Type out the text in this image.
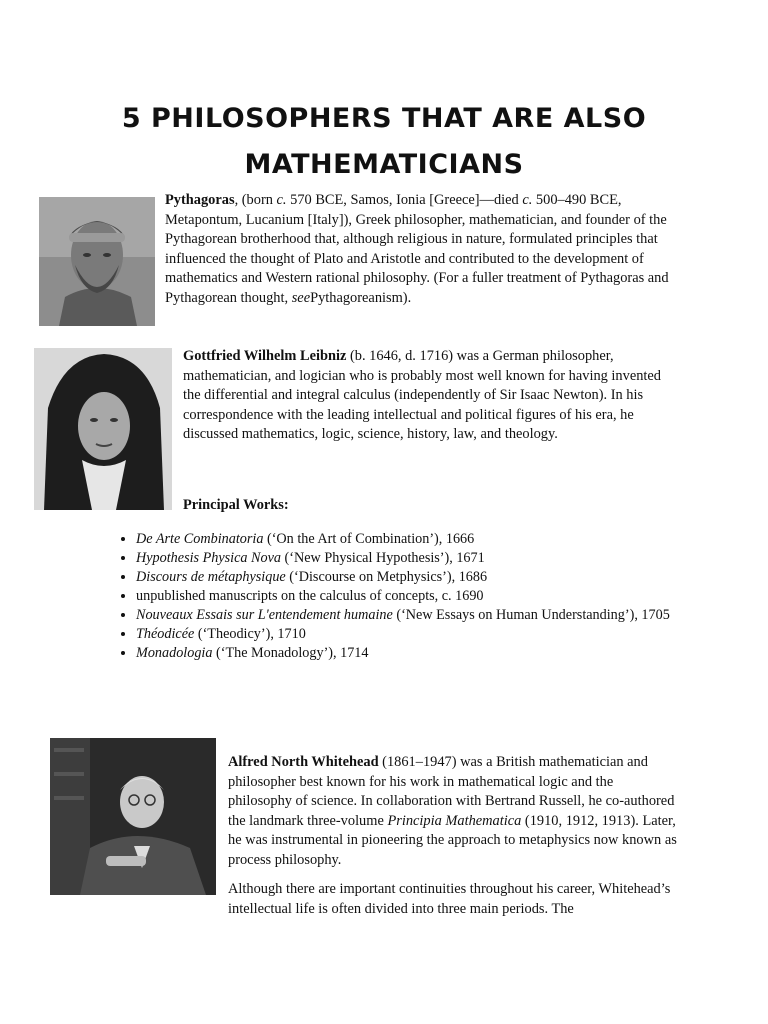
5 PHILOSOPHERS THAT ARE ALSO
MATHEMATICIANS

Pythagoras, (born c. 570 BCE, Samos, Ionia [Greece]—died c. 500–490 BCE, Metapontum, Lucanium [Italy]), Greek philosopher, mathematician, and founder of the Pythagorean brotherhood that, although religious in nature, formulated principles that influenced the thought of Plato and Aristotle and contributed to the development of mathematics and Western rational philosophy. (For a fuller treatment of Pythagoras and Pythagorean thought, seePythagoreanism).

Gottfried Wilhelm Leibniz (b. 1646, d. 1716) was a German philosopher, mathematician, and logician who is probably most well known for having invented the differential and integral calculus (independently of Sir Isaac Newton). In his correspondence with the leading intellectual and political figures of his era, he discussed mathematics, logic, science, history, law, and theology.

Principal Works:

• De Arte Combinatoria (‘On the Art of Combination’), 1666
• Hypothesis Physica Nova (‘New Physical Hypothesis’), 1671
• Discours de métaphysique (‘Discourse on Metphysics’), 1686
• unpublished manuscripts on the calculus of concepts, c. 1690
• Nouveaux Essais sur L'entendement humaine (‘New Essays on Human Understanding’), 1705
• Théodicée (‘Theodicy’), 1710
• Monadologia (‘The Monadology’), 1714

Alfred North Whitehead (1861–1947) was a British mathematician and philosopher best known for his work in mathematical logic and the philosophy of science. In collaboration with Bertrand Russell, he co-authored the landmark three-volume Principia Mathematica (1910, 1912, 1913). Later, he was instrumental in pioneering the approach to metaphysics now known as process philosophy.

Although there are important continuities throughout his career, Whitehead’s intellectual life is often divided into three main periods. The
